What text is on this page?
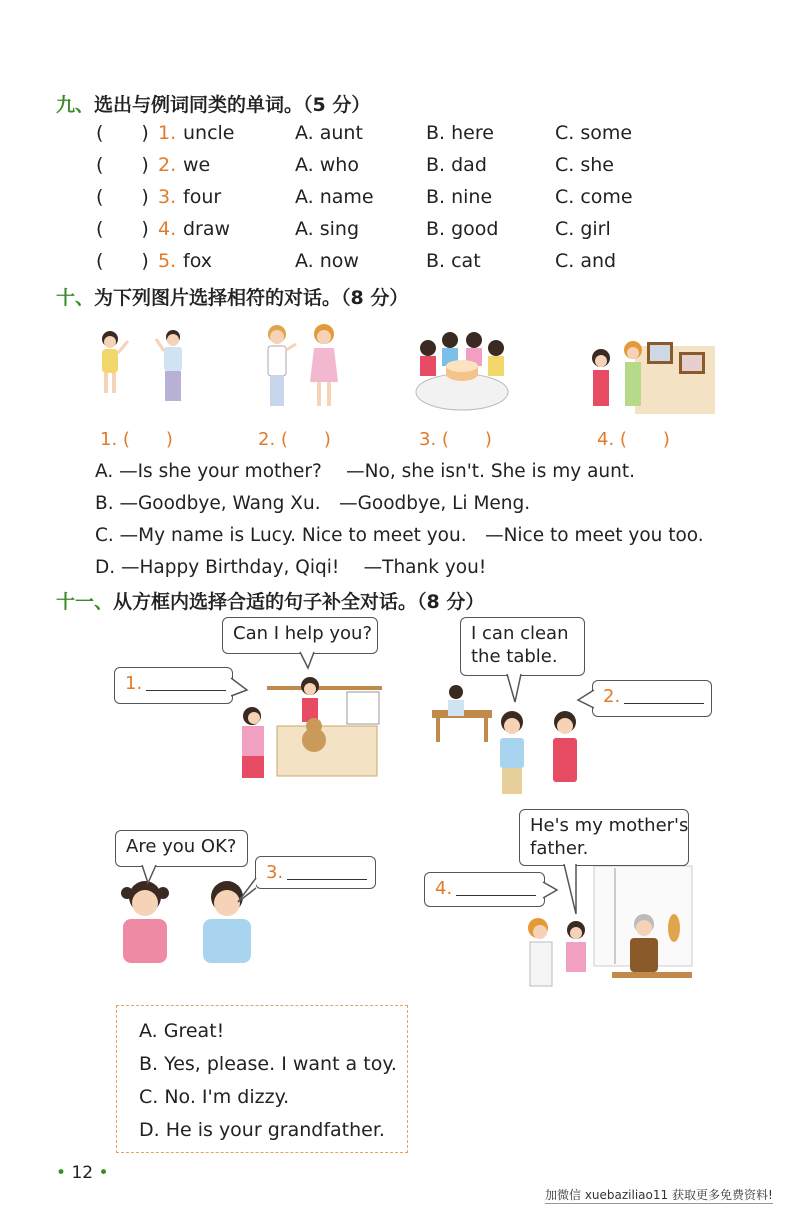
九、选出与例词同类的单词。（5 分）
(　　) 1. uncle	A. aunt	B. here	C. some
(　　) 2. we	A. who	B. dad	C. she
(　　) 3. four	A. name	B. nine	C. come
(　　) 4. draw	A. sing	B. good	C. girl
(　　) 5. fox	A. now	B. cat	C. and
十、为下列图片选择相符的对话。（8 分）
1. (　　)	2. (　　)	3. (　　)	4. (　　)
A. —Is she your mother?　 —No, she isn't. She is my aunt.
B. —Goodbye, Wang Xu.　—Goodbye, Li Meng.
C. —My name is Lucy. Nice to meet you.　—Nice to meet you too.
D. —Happy Birthday, Qiqi!　 —Thank you!
十一、从方框内选择合适的句子补全对话。（8 分）
Can I help you?
1.
I can clean
the table.
2.
Are you OK?
3.
He's my mother's
father.
4.
A. Great!
B. Yes, please. I want a toy.
C. No. I'm dizzy.
D. He is your grandfather.
• 12 •
加微信 xuebaziliao11 获取更多免费资料!
